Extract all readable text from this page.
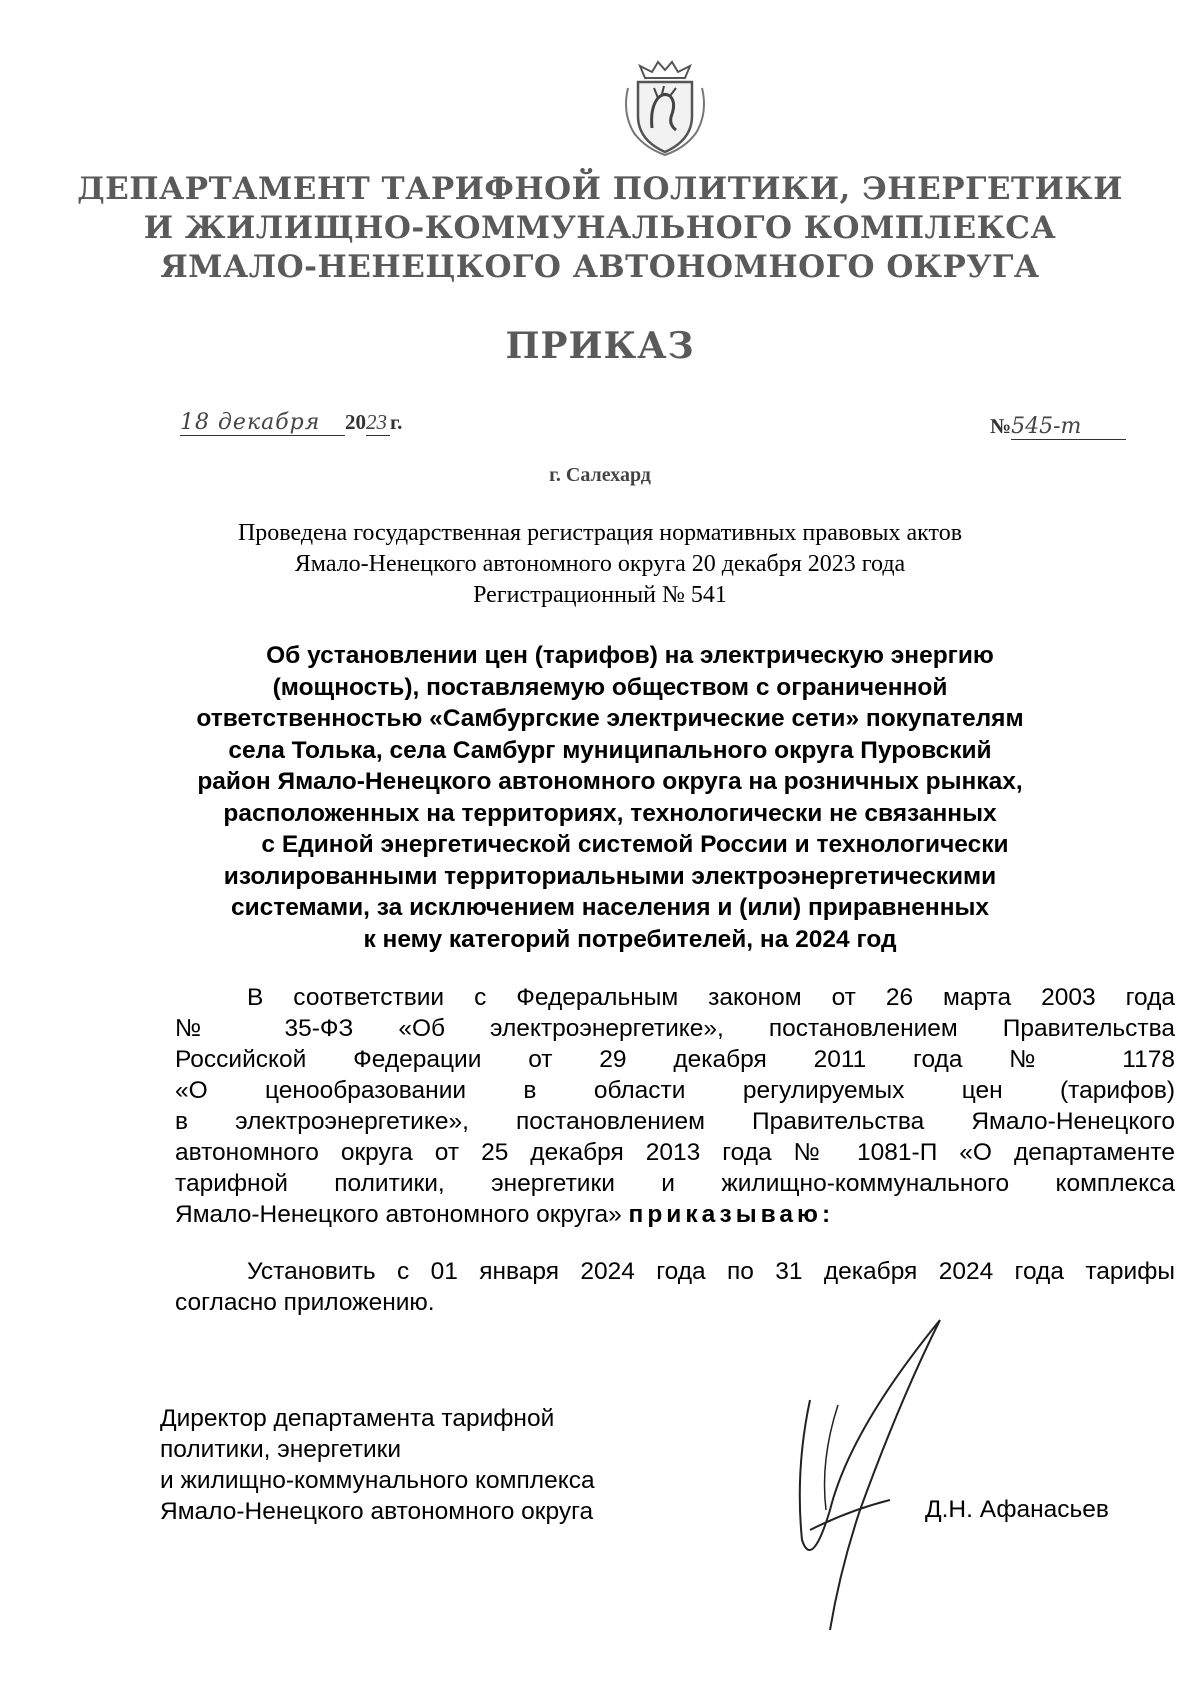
ДЕПАРТАМЕНТ ТАРИФНОЙ ПОЛИТИКИ, ЭНЕРГЕТИКИ
И ЖИЛИЩНО-КОММУНАЛЬНОГО КОМПЛЕКСА
ЯМАЛО-НЕНЕЦКОГО АВТОНОМНОГО ОКРУГА
ПРИКАЗ
18 декабря 2023 г.	№545-т
г. Салехард
Проведена государственная регистрация нормативных правовых актов
Ямало-Ненецкого автономного округа 20 декабря 2023 года
Регистрационный № 541
Об установлении цен (тарифов) на электрическую энергию
(мощность), поставляемую обществом с ограниченной
ответственностью «Самбургские электрические сети» покупателям
села Толька, села Самбург муниципального округа Пуровский
район Ямало-Ненецкого автономного округа на розничных рынках,
расположенных на территориях, технологически не связанных
с Единой энергетической системой России и технологически
изолированными территориальными электроэнергетическими
системами, за исключением населения и (или) приравненных
к нему категорий потребителей, на 2024 год
В соответствии с Федеральным законом от 26 марта 2003 года
№ 35-ФЗ «Об электроэнергетике», постановлением Правительства
Российской Федерации от 29 декабря 2011 года № 1178
«О ценообразовании в области регулируемых цен (тарифов)
в электроэнергетике», постановлением Правительства Ямало-Ненецкого
автономного округа от 25 декабря 2013 года № 1081-П «О департаменте
тарифной политики, энергетики и жилищно-коммунального комплекса
Ямало-Ненецкого автономного округа» приказываю:
Установить с 01 января 2024 года по 31 декабря 2024 года тарифы
согласно приложению.
Директор департамента тарифной
политики, энергетики
и жилищно-коммунального комплекса
Ямало-Ненецкого автономного округа	Д.Н. Афанасьев
